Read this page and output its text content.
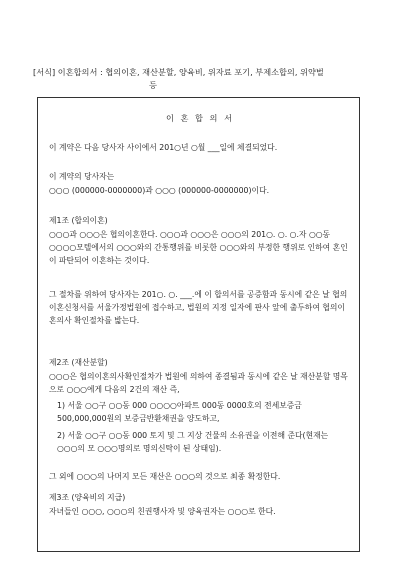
[서식] 이혼합의서 : 협의이혼, 재산분할, 양육비, 위자료 포기, 부제소합의, 위약벌
등
이 혼 합 의 서
이 계약은 다음 당사자 사이에서 201○년 ○월 ___일에 체결되었다.
이 계약의 당사자는
○○○ (000000-0000000)과 ○○○ (000000-0000000)이다.
제1조 (합의이혼)
○○○과 ○○○은 협의이혼한다. ○○○과 ○○○은 ○○○의 201○. ○. ○.자 ○○동 ○○○○모텔에서의 ○○○와의 간통행위를 비롯한 ○○○와의 부정한 행위로 인하여 혼인이 파탄되어 이혼하는 것이다.
그 절차를 위하여 당사자는 201○. ○. ___.에 이 합의서를 공증함과 동시에 같은 날 협의이혼신청서를 서울가정법원에 접수하고, 법원의 지정 일자에 판사 앞에 출두하여 협의이혼의사 확인절차를 밟는다.
제2조 (재산분할)
○○○은 협의이혼의사확인절차가 법원에 의하여 종결됨과 동시에 같은 날 재산분할 명목으로 ○○○에게 다음의 2건의 재산 즉,
1) 서울 ○○구 ○○동 000 ○○○○아파트 000동 0000호의 전세보증금 500,000,000원의 보증금반환채권을 양도하고,
2) 서울 ○○구 ○○동 000 토지 및 그 지상 건물의 소유권을 이전해 준다(현재는 ○○○의 모 ○○○명의로 명의신탁이 된 상태임).
그 외에 ○○○의 나머지 모든 재산은 ○○○의 것으로 최종 확정한다.
제3조 (양육비의 지급)
자녀들인 ○○○, ○○○의 친권행사자 및 양육권자는 ○○○로 한다.
